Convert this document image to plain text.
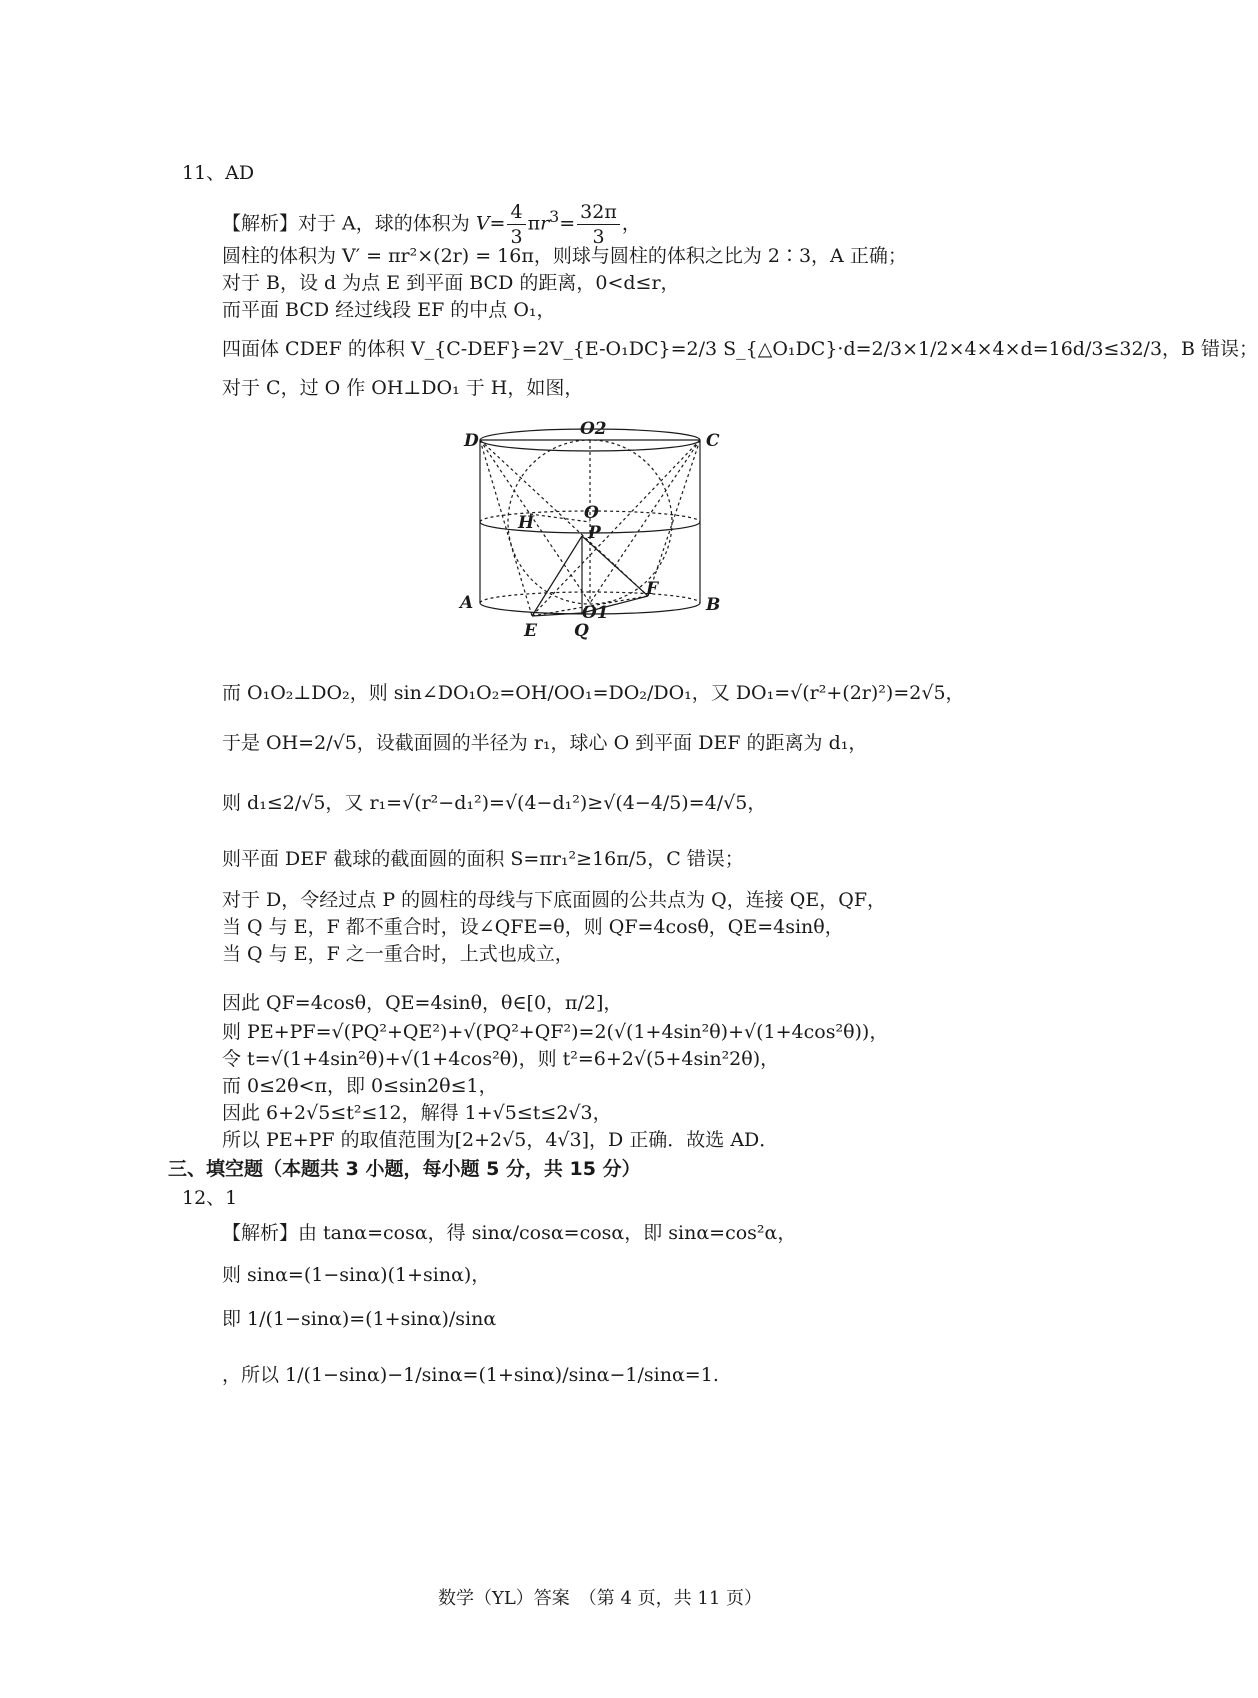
11、AD
【解析】对于 A，球的体积为 $V= \frac{4}{3} \pi r^3= \frac{32\pi}{3}$ ，
圆柱的体积为 V′ = πr²×(2r) = 16π，则球与圆柱的体积之比为 2∶3，A 正确；
对于 B，设 d 为点 E 到平面 BCD 的距离，0<d≤r，
而平面 BCD 经过线段 EF 的中点 O₁，
四面体 CDEF 的体积 V_{C-DEF}=2V_{E-O₁DC}=2/3 S_{△O₁DC}·d=2/3×1/2×4×4×d=16d/3≤32/3，B 错误；
对于 C，过 O 作 OH⊥DO₁ 于 H，如图，
D
O2
C
H	O
P
A	O1
F
B
E Q
而 O₁O₂⊥DO₂，则 sin∠DO₁O₂=OH/OO₁=DO₂/DO₁，又 DO₁=√(r²+(2r)²)=2√5，
于是 OH=2/√5，设截面圆的半径为 r₁，球心 O 到平面 DEF 的距离为 d₁，
则 d₁≤2/√5，又 r₁=√(r²−d₁²)=√(4−d₁²)≥√(4−4/5)=4/√5，
则平面 DEF 截球的截面圆的面积 S=πr₁²≥16π/5，C 错误；
对于 D，令经过点 P 的圆柱的母线与下底面圆的公共点为 Q，连接 QE，QF，
当 Q 与 E，F 都不重合时，设∠QFE=θ，则 QF=4cosθ，QE=4sinθ，
当 Q 与 E，F 之一重合时，上式也成立，
因此 QF=4cosθ，QE=4sinθ，θ∈[0，π/2]，
则 PE+PF=√(PQ²+QE²)+√(PQ²+QF²)=2(√(1+4sin²θ)+√(1+4cos²θ))，
令 t=√(1+4sin²θ)+√(1+4cos²θ)，则 t²=6+2√(5+4sin²2θ)，
而 0≤2θ<π，即 0≤sin2θ≤1，
因此 6+2√5≤t²≤12，解得 1+√5≤t≤2√3，
所以 PE+PF 的取值范围为[2+2√5，4√3]，D 正确．故选 AD．
三、填空题（本题共 3 小题，每小题 5 分，共 15 分）
12、1
【解析】由 tanα=cosα，得 sinα/cosα=cosα，即 sinα=cos²α，
则 sinα=(1−sinα)(1+sinα)，
即 1/(1−sinα)=(1+sinα)/sinα
，所以 1/(1−sinα)−1/sinα=(1+sinα)/sinα−1/sinα=1.
数学（YL）答案　（第 4 页，共 11 页）
